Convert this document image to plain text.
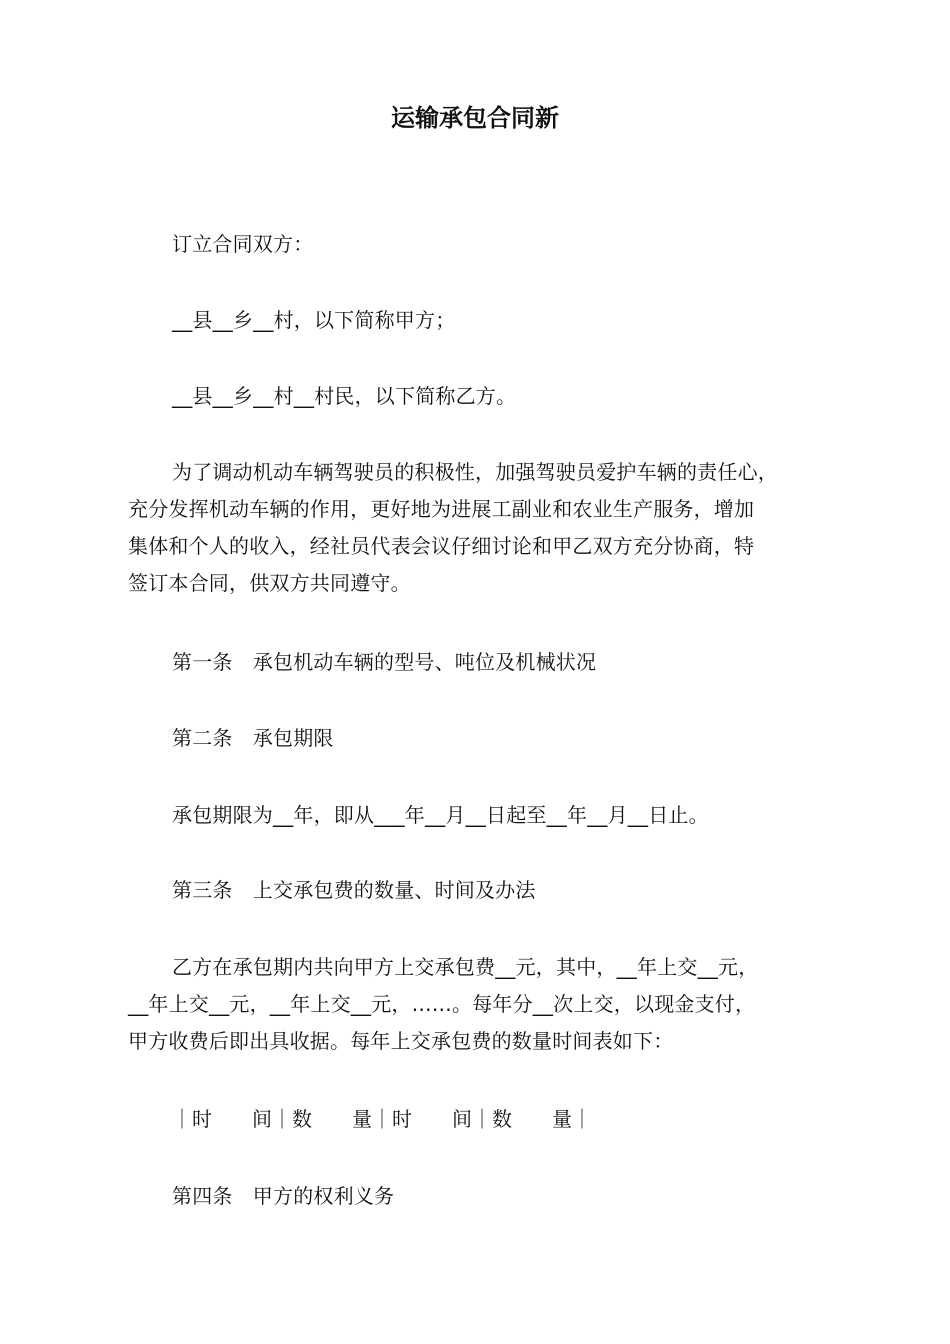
运输承包合同新
订立合同双方：
__县__乡__村，以下简称甲方；
__县__乡__村__村民，以下简称乙方。
为了调动机动车辆驾驶员的积极性，加强驾驶员爱护车辆的责任心，
充分发挥机动车辆的作用，更好地为进展工副业和农业生产服务，增加
集体和个人的收入，经社员代表会议仔细讨论和甲乙双方充分协商，特
签订本合同，供双方共同遵守。
第一条　承包机动车辆的型号、吨位及机械状况
第二条　承包期限
承包期限为__年，即从___年__月__日起至__年__月__日止。
第三条　上交承包费的数量、时间及办法
乙方在承包期内共向甲方上交承包费__元，其中，__年上交__元，
__年上交__元，__年上交__元，……。每年分__次上交，以现金支付，
甲方收费后即出具收据。每年上交承包费的数量时间表如下：
｜时　　间｜数　　量｜时　　间｜数　　量｜
第四条　甲方的权利义务
